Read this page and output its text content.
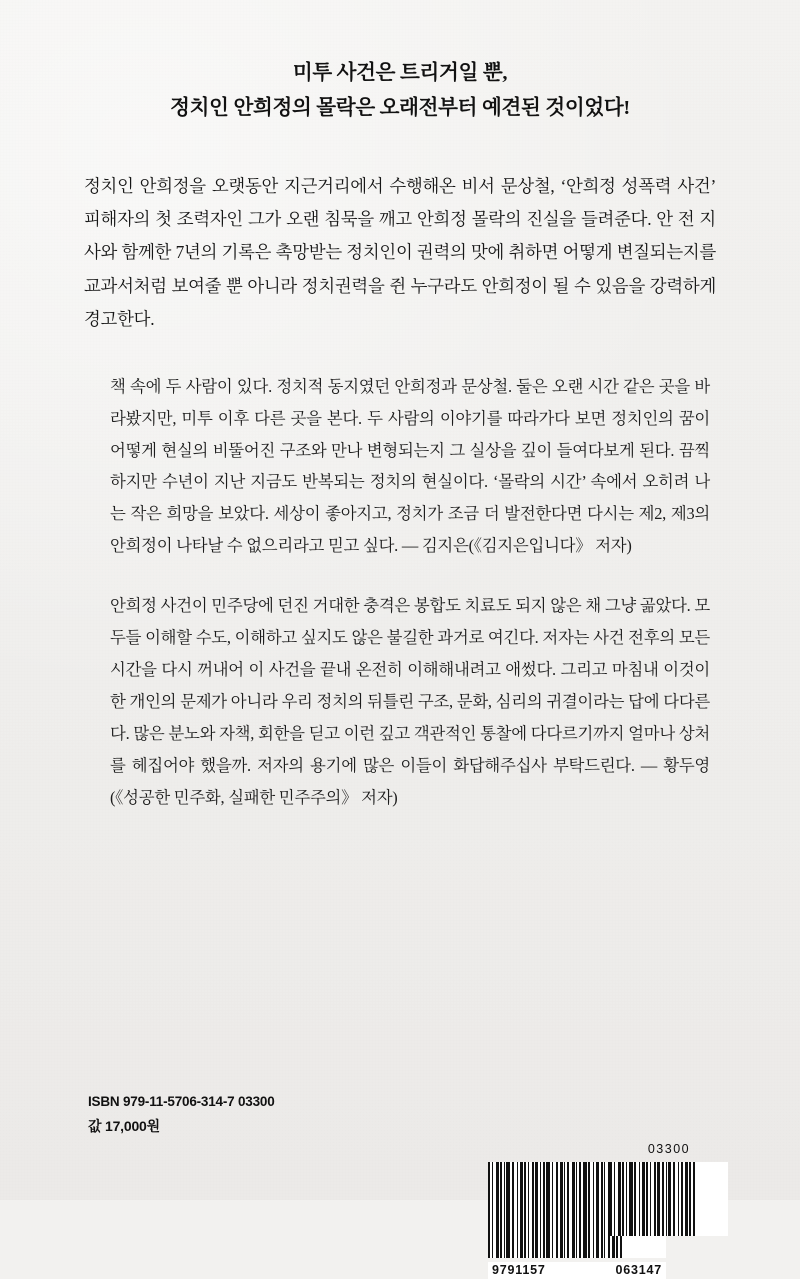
미투 사건은 트리거일 뿐,
정치인 안희정의 몰락은 오래전부터 예견된 것이었다!

정치인 안희정을 오랫동안 지근거리에서 수행해온 비서 문상철, ‘안희정 성폭력 사건’ 피해자의 첫 조력자인 그가 오랜 침묵을 깨고 안희정 몰락의 진실을 들려준다. 안 전 지사와 함께한 7년의 기록은 촉망받는 정치인이 권력의 맛에 취하면 어떻게 변질되는지를 교과서처럼 보여줄 뿐 아니라 정치권력을 쥔 누구라도 안희정이 될 수 있음을 강력하게 경고한다.

책 속에 두 사람이 있다. 정치적 동지였던 안희정과 문상철. 둘은 오랜 시간 같은 곳을 바라봤지만, 미투 이후 다른 곳을 본다. 두 사람의 이야기를 따라가다 보면 정치인의 꿈이 어떻게 현실의 비뚤어진 구조와 만나 변형되는지 그 실상을 깊이 들여다보게 된다. 끔찍하지만 수년이 지난 지금도 반복되는 정치의 현실이다. ‘몰락의 시간’ 속에서 오히려 나는 작은 희망을 보았다. 세상이 좋아지고, 정치가 조금 더 발전한다면 다시는 제2, 제3의 안희정이 나타날 수 없으리라고 믿고 싶다. — 김지은(《김지은입니다》 저자)

안희정 사건이 민주당에 던진 거대한 충격은 봉합도 치료도 되지 않은 채 그냥 곪았다. 모두들 이해할 수도, 이해하고 싶지도 않은 불길한 과거로 여긴다. 저자는 사건 전후의 모든 시간을 다시 꺼내어 이 사건을 끝내 온전히 이해해내려고 애썼다. 그리고 마침내 이것이 한 개인의 문제가 아니라 우리 정치의 뒤틀린 구조, 문화, 심리의 귀결이라는 답에 다다른다. 많은 분노와 자책, 회한을 딛고 이런 깊고 객관적인 통찰에 다다르기까지 얼마나 상처를 헤집어야 했을까. 저자의 용기에 많은 이들이 화답해주십사 부탁드린다. — 황두영(《성공한 민주화, 실패한 민주주의》 저자)

ISBN 979-11-5706-314-7 03300
값 17,000원
03300
9791157	063147
